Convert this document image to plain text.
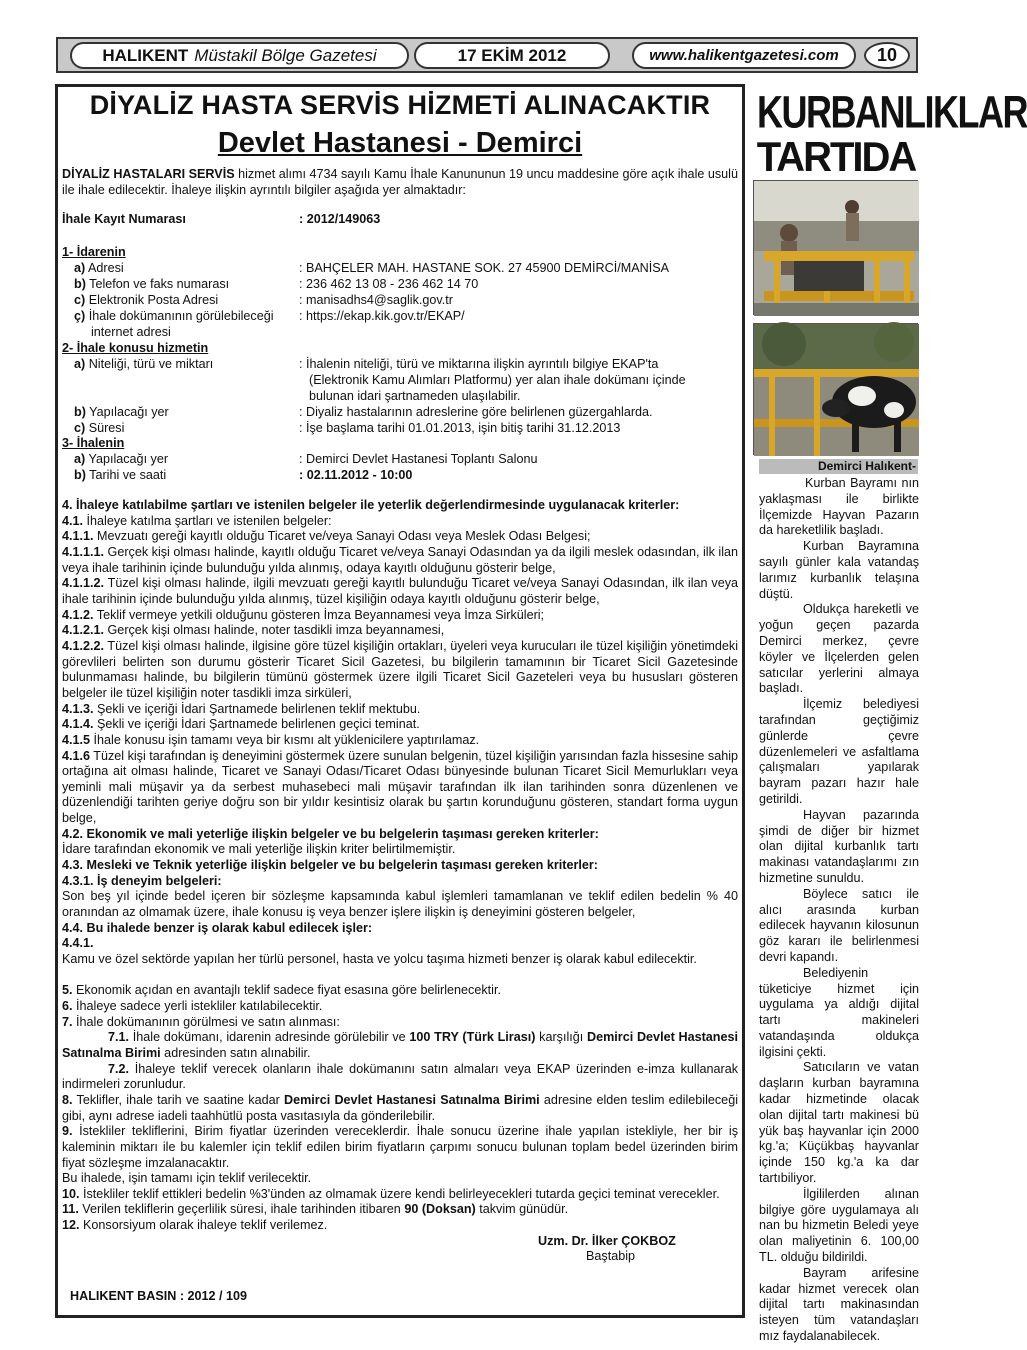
HALIKENT Müstakil Bölge Gazetesi	17 EKİM 2012	www.halikentgazetesi.com	10
DİYALİZ HASTA SERVİS HİZMETİ ALINACAKTIR
Devlet Hastanesi - Demirci
DİYALİZ HASTALARI SERVİS hizmet alımı 4734 sayılı Kamu İhale Kanununun 19 uncu maddesine göre açık ihale usulü ile ihale edilecektir. İhaleye ilişkin ayrıntılı bilgiler aşağıda yer almaktadır:
İhale Kayıt Numarası	: 2012/149063
1- İdarenin
a) Adresi	: BAHÇELER MAH. HASTANE SOK. 27 45900 DEMİRCİ/MANİSA
b) Telefon ve faks numarası	: 236 462 13 08 - 236 462 14 70
c) Elektronik Posta Adresi	: manisadhs4@saglik.gov.tr
ç) İhale dokümanının görülebileceği : https://ekap.kik.gov.tr/EKAP/
internet adresi
2- İhale konusu hizmetin
a) Niteliği, türü ve miktarı	: İhalenin niteliği, türü ve miktarına ilişkin ayrıntılı bilgiye EKAP'ta
(Elektronik Kamu Alımları Platformu) yer alan ihale dokümanı içinde
bulunan idari şartnameden ulaşılabilir.
b) Yapılacağı yer	: Diyaliz hastalarının adreslerine göre belirlenen güzergahlarda.
c) Süresi	: İşe başlama tarihi 01.01.2013, işin bitiş tarihi 31.12.2013
3- İhalenin
a) Yapılacağı yer	: Demirci Devlet Hastanesi Toplantı Salonu
b) Tarihi ve saati	: 02.11.2012 - 10:00

4. İhaleye katılabilme şartları ve istenilen belgeler ile yeterlik değerlendirmesinde uygulanacak kriterler:

4.1. İhaleye katılma şartları ve istenilen belgeler:

4.1.1. Mevzuatı gereği kayıtlı olduğu Ticaret ve/veya Sanayi Odası veya Meslek Odası Belgesi;

4.1.1.1. Gerçek kişi olması halinde, kayıtlı olduğu Ticaret ve/veya Sanayi Odasından ya da ilgili meslek odasından, ilk ilan veya ihale tarihinin içinde bulunduğu yılda alınmış, odaya kayıtlı olduğunu gösterir belge,

4.1.1.2. Tüzel kişi olması halinde, ilgili mevzuatı gereği kayıtlı bulunduğu Ticaret ve/veya Sanayi Odasından, ilk ilan veya ihale tarihinin içinde bulunduğu yılda alınmış, tüzel kişiliğin odaya kayıtlı olduğunu gösterir belge,

4.1.2. Teklif vermeye yetkili olduğunu gösteren İmza Beyannamesi veya İmza Sirküleri;

4.1.2.1. Gerçek kişi olması halinde, noter tasdikli imza beyannamesi,

4.1.2.2. Tüzel kişi olması halinde, ilgisine göre tüzel kişiliğin ortakları, üyeleri veya kurucuları ile tüzel kişiliğin yönetimdeki görevlileri belirten son durumu gösterir Ticaret Sicil Gazetesi, bu bilgilerin tamamının bir Ticaret Sicil Gazetesinde bulunmaması halinde, bu bilgilerin tümünü göstermek üzere ilgili Ticaret Sicil Gazeteleri veya bu hususları gösteren belgeler ile tüzel kişiliğin noter tasdikli imza sirküleri,

4.1.3. Şekli ve içeriği İdari Şartnamede belirlenen teklif mektubu.

4.1.4. Şekli ve içeriği İdari Şartnamede belirlenen geçici teminat.

4.1.5 İhale konusu işin tamamı veya bir kısmı alt yüklenicilere yaptırılamaz.

4.1.6 Tüzel kişi tarafından iş deneyimini göstermek üzere sunulan belgenin, tüzel kişiliğin yarısından fazla hissesine sahip ortağına ait olması halinde, Ticaret ve Sanayi Odası/Ticaret Odası bünyesinde bulunan Ticaret Sicil Memurlukları veya yeminli mali müşavir ya da serbest muhasebeci mali müşavir tarafından ilk ilan tarihinden sonra düzenlenen ve düzenlendiği tarihten geriye doğru son bir yıldır kesintisiz olarak bu şartın korunduğunu gösteren, standart forma uygun belge,

4.2. Ekonomik ve mali yeterliğe ilişkin belgeler ve bu belgelerin taşıması gereken kriterler:

İdare tarafından ekonomik ve mali yeterliğe ilişkin kriter belirtilmemiştir.

4.3. Mesleki ve Teknik yeterliğe ilişkin belgeler ve bu belgelerin taşıması gereken kriterler:

4.3.1. İş deneyim belgeleri:

Son beş yıl içinde bedel içeren bir sözleşme kapsamında kabul işlemleri tamamlanan ve teklif edilen bedelin % 40 oranından az olmamak üzere, ihale konusu iş veya benzer işlere ilişkin iş deneyimini gösteren belgeler,

4.4. Bu ihalede benzer iş olarak kabul edilecek işler:

4.4.1.

Kamu ve özel sektörde yapılan her türlü personel, hasta ve yolcu taşıma hizmeti benzer iş olarak kabul edilecektir.

5. Ekonomik açıdan en avantajlı teklif sadece fiyat esasına göre belirlenecektir.

6. İhaleye sadece yerli istekliler katılabilecektir.

7. İhale dokümanının görülmesi ve satın alınması:

7.1. İhale dokümanı, idarenin adresinde görülebilir ve 100 TRY (Türk Lirası) karşılığı Demirci Devlet Hastanesi Satınalma Birimi adresinden satın alınabilir.

7.2. İhaleye teklif verecek olanların ihale dokümanını satın almaları veya EKAP üzerinden e-imza kullanarak indirmeleri zorunludur.

8. Teklifler, ihale tarih ve saatine kadar Demirci Devlet Hastanesi Satınalma Birimi adresine elden teslim edilebileceği gibi, aynı adrese iadeli taahhütlü posta vasıtasıyla da gönderilebilir.

9. İstekliler tekliflerini, Birim fiyatlar üzerinden vereceklerdir. İhale sonucu üzerine ihale yapılan istekliyle, her bir iş kaleminin miktarı ile bu kalemler için teklif edilen birim fiyatların çarpımı sonucu bulunan toplam bedel üzerinden birim fiyat sözleşme imzalanacaktır.

Bu ihalede, işin tamamı için teklif verilecektir.

10. İstekliler teklif ettikleri bedelin %3'ünden az olmamak üzere kendi belirleyecekleri tutarda geçici teminat verecekler.

11. Verilen tekliflerin geçerlilik süresi, ihale tarihinden itibaren 90 (Doksan) takvim günüdür.

12. Konsorsiyum olarak ihaleye teklif verilemez.

Uzm. Dr. İlker ÇOKBOZ
Baştabip
HALIKENT BASIN : 2012 / 109
KURBANLIKLAR
TARTIDA
Demirci Halıkent-

Kurban Bayramı nın yaklaşması ile birlikte İlçemizde Hayvan Pazarın da hareketlilik başladı.

Kurban Bayramına sayılı günler kala vatandaş larımız kurbanlık telaşına düştü.

Oldukça hareketli ve yoğun geçen pazarda Demirci merkez, çevre köyler ve İlçelerden gelen satıcılar yerlerini almaya başladı.

İlçemiz belediyesi tarafından geçtiğimiz günlerde çevre düzenlemeleri ve asfaltlama çalışmaları yapılarak bayram pazarı hazır hale getirildi.

Hayvan pazarında şimdi de diğer bir hizmet olan dijital kurbanlık tartı makinası vatandaşlarımı zın hizmetine sunuldu.

Böylece satıcı ile alıcı arasında kurban edilecek hayvanın kilosunun göz kararı ile belirlenmesi devri kapandı.

Belediyenin tüketiciye hizmet için uygulama ya aldığı dijital tartı makineleri vatandaşında oldukça ilgisini çekti.

Satıcıların ve vatan daşların kurban bayramına kadar hizmetinde olacak olan dijital tartı makinesi bü yük baş hayvanlar için 2000 kg.'a; Küçükbaş hayvanlar içinde 150 kg.'a ka dar tartıbiliyor.

İlgililerden alınan bilgiye göre uygulamaya alı nan bu hizmetin Beledi yeye olan maliyetinin 6. 100,00 TL. olduğu bildirildi.

Bayram arifesine kadar hizmet verecek olan dijital tartı makinasından isteyen tüm vatandaşları mız faydalanabilecek.
